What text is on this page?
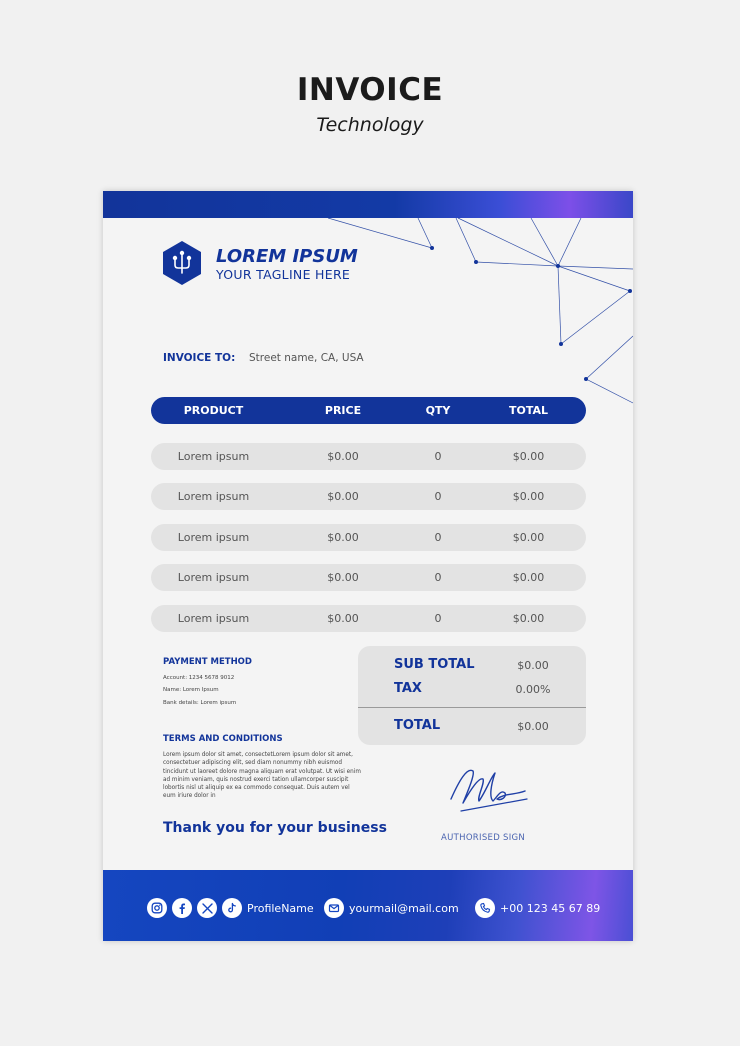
INVOICE
Technology
LOREM IPSUM
YOUR TAGLINE HERE
INVOICE TO: Street name, CA, USA
PRODUCT	PRICE	QTY	TOTAL
Lorem ipsum	$0.00	0	$0.00
Lorem ipsum	$0.00	0	$0.00
Lorem ipsum	$0.00	0	$0.00
Lorem ipsum	$0.00	0	$0.00
Lorem ipsum	$0.00	0	$0.00
PAYMENT METHOD
Account: 1234 5678 9012
Name: Lorem Ipsum
Bank details: Lorem ipsum
TERMS AND CONDITIONS
Lorem ipsum dolor sit amet, consectetLorem ipsum dolor sit amet, consectetuer adipiscing elit, sed diam nonummy nibh euismod tincidunt ut laoreet dolore magna aliquam erat volutpat. Ut wisi enim ad minim veniam, quis nostrud exerci tation ullamcorper suscipit lobortis nisl ut aliquip ex ea commodo consequat. Duis autem vel eum iriure dolor in
SUB TOTAL	$0.00
TAX	0.00%
TOTAL	$0.00
Thank you for your business
AUTHORISED SIGN
ProfileName	yourmail@mail.com	+00 123 45 67 89
